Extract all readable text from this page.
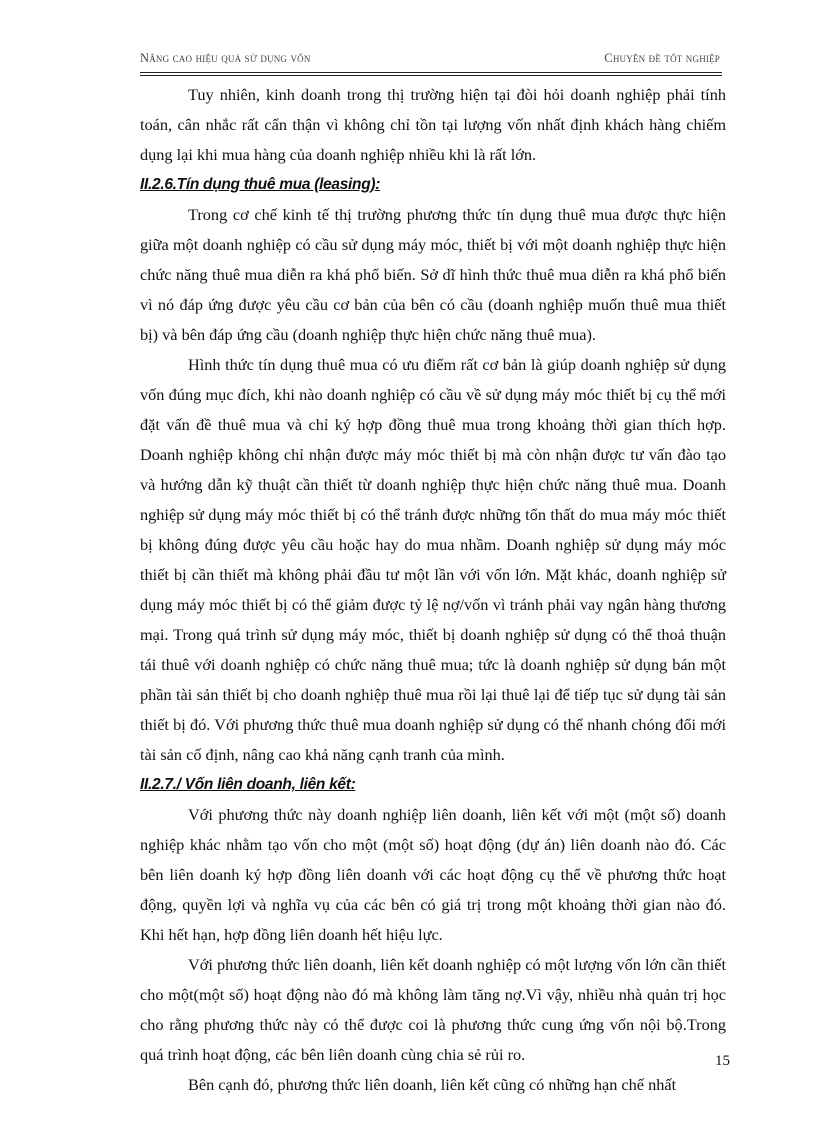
Nâng cao hiệu quả sử dụng vốn	Chuyên đề tốt nghiệp

Tuy nhiên, kinh doanh trong thị trường hiện tại đòi hỏi doanh nghiệp phải tính toán, cân nhắc rất cẩn thận vì không chỉ tồn tại lượng vốn nhất định khách hàng chiếm dụng lại khi mua hàng của doanh nghiệp nhiều khi là rất lớn.

II.2.6.Tín dụng thuê mua (leasing):

Trong cơ chế kinh tế thị trường phương thức tín dụng thuê mua được thực hiện giữa một doanh nghiệp có cầu sử dụng máy móc, thiết bị với một doanh nghiệp thực hiện chức năng thuê mua diễn ra khá phổ biến. Sở dĩ hình thức thuê mua diễn ra khá phổ biến vì nó đáp ứng được yêu cầu cơ bản của bên có cầu (doanh nghiệp muốn thuê mua thiết bị) và bên đáp ứng cầu (doanh nghiệp thực hiện chức năng thuê mua).

Hình thức tín dụng thuê mua có ưu điểm rất cơ bản là giúp doanh nghiệp sử dụng vốn đúng mục đích, khi nào doanh nghiệp có cầu về sử dụng máy móc thiết bị cụ thể mới đặt vấn đề thuê mua và chỉ ký hợp đồng thuê mua trong khoảng thời gian thích hợp. Doanh nghiệp không chỉ nhận được máy móc thiết bị mà còn nhận được tư vấn đào tạo và hướng dẫn kỹ thuật cần thiết từ doanh nghiệp thực hiện chức năng thuê mua. Doanh nghiệp sử dụng máy móc thiết bị có thể tránh được những tổn thất do mua máy móc thiết bị không đúng được yêu cầu hoặc hay do mua nhầm. Doanh nghiệp sử dụng máy móc thiết bị cần thiết mà không phải đầu tư một lần với vốn lớn. Mặt khác, doanh nghiệp sử dụng máy móc thiết bị có thể giảm được tỷ lệ nợ/vốn vì tránh phải vay ngân hàng thương mại. Trong quá trình sử dụng máy móc, thiết bị doanh nghiệp sử dụng có thể thoả thuận tái thuê với doanh nghiệp có chức năng thuê mua; tức là doanh nghiệp sử dụng bán một phần tài sản thiết bị cho doanh nghiệp thuê mua rồi lại thuê lại để tiếp tục sử dụng tài sản thiết bị đó. Với phương thức thuê mua doanh nghiệp sử dụng có thể nhanh chóng đổi mới tài sản cố định, nâng cao khả năng cạnh tranh của mình.

II.2.7./ Vốn liên doanh, liên kết:

Với phương thức này doanh nghiệp liên doanh, liên kết với một (một số) doanh nghiệp khác nhằm tạo vốn cho một (một số) hoạt động (dự án) liên doanh nào đó. Các bên liên doanh ký hợp đồng liên doanh với các hoạt động cụ thể về phương thức hoạt động, quyền lợi và nghĩa vụ của các bên có giá trị trong một khoảng thời gian nào đó. Khi hết hạn, hợp đồng liên doanh hết hiệu lực.

Với phương thức liên doanh, liên kết doanh nghiệp có một lượng vốn lớn cần thiết cho một(một số) hoạt động nào đó mà không làm tăng nợ.Vì vậy, nhiều nhà quản trị học cho rằng phương thức này có thể được coi là phương thức cung ứng vốn nội bộ.Trong quá trình hoạt động, các bên liên doanh cùng chia sẻ rủi ro.

Bên cạnh đó, phương thức liên doanh, liên kết cũng có những hạn chế nhất

15
